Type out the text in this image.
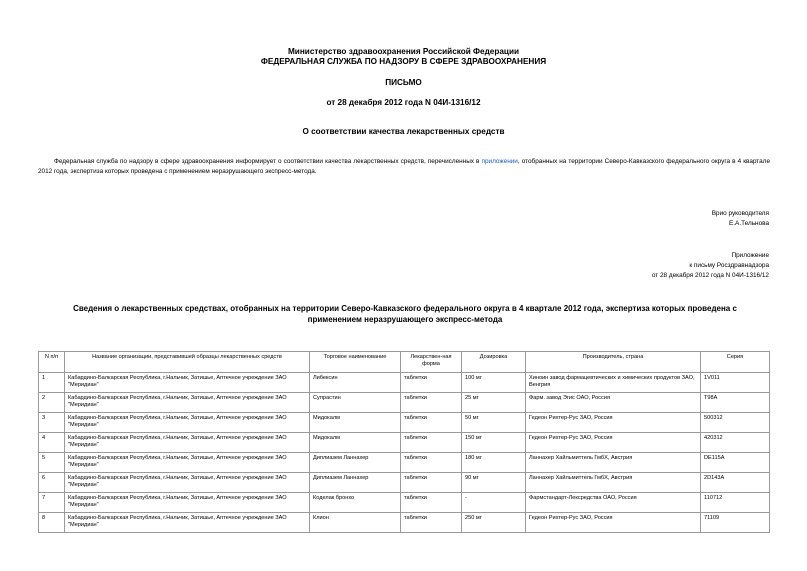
Министерство здравоохранения Российской Федерации
ФЕДЕРАЛЬНАЯ СЛУЖБА ПО НАДЗОРУ В СФЕРЕ ЗДРАВООХРАНЕНИЯ
ПИСЬМО
от 28 декабря 2012 года N 04И-1316/12
О соответствии качества лекарственных средств
Федеральная служба по надзору в сфере здравоохранения информирует о соответствии качества лекарственных средств, перечисленных в приложении, отобранных на территории Северо-Кавказского федерального округа в 4 квартале 2012 года, экспертиза которых проведена с применением неразрушающего экспресс-метода.
Врио руководителя
Е.А.Тельнова
Приложение
к письму Росздравнадзора
от 28 декабря 2012 года N 04И-1316/12
Сведения о лекарственных средствах, отобранных на территории Северо-Кавказского федерального округа в 4 квартале 2012 года, экспертиза которых проведена с применением неразрушающего экспресс-метода
N п/п	Название организации, представившей образцы лекарственных средств	Торговое наименование	Лекарствен-ная форма	Дозировка	Производитель, страна	Серия
1	Кабардино-Балкарская Республика, г.Нальчик, Затишье, Аптечное учреждение ЗАО "Меридиан"	Либексин	таблетки	100 мг	Хиноин завод фармацевтических и химических продуктов ЗАО, Венгрия	1V011
2	Кабардино-Балкарская Республика, г.Нальчик, Затишье, Аптечное учреждение ЗАО "Меридиан"	Супрастин	таблетки	25 мг	Фарм. завод Эгис ОАО, Россия	T98A
3	Кабардино-Балкарская Республика, г.Нальчик, Затишье, Аптечное учреждение ЗАО "Меридиан"	Мидокалм	таблетки	50 мг	Гедеон Рихтер-Рус ЗАО, Россия	500312
4	Кабардино-Балкарская Республика, г.Нальчик, Затишье, Аптечное учреждение ЗАО "Меридиан"	Мидокалм	таблетки	150 мг	Гедеон Рихтер-Рус ЗАО, Россия	420312
5	Кабардино-Балкарская Республика, г.Нальчик, Затишье, Аптечное учреждение ЗАО "Меридиан"	Диплиазем Ланнахер	таблетки	180 мг	Ланнахер Хайльмиттель ГмбХ, Австрия	DE115A
6	Кабардино-Балкарская Республика, г.Нальчик, Затишье, Аптечное учреждение ЗАО "Меридиан"	Диплиазем Ланнахер	таблетки	90 мг	Ланнахер Хайльмиттель ГмбХ, Австрия	2D143A
7	Кабардино-Балкарская Республика, г.Нальчик, Затишье, Аптечное учреждение ЗАО "Меридиан"	Коделак бронхо	таблетки	-	Фармстандарт-Лексредства ОАО, Россия	110712
8	Кабардино-Балкарская Республика, г.Нальчик, Затишье, Аптечное учреждение ЗАО "Меридиан"	Клион	таблетки	250 мг	Гедеон Рихтер-Рус ЗАО, Россия	71109
